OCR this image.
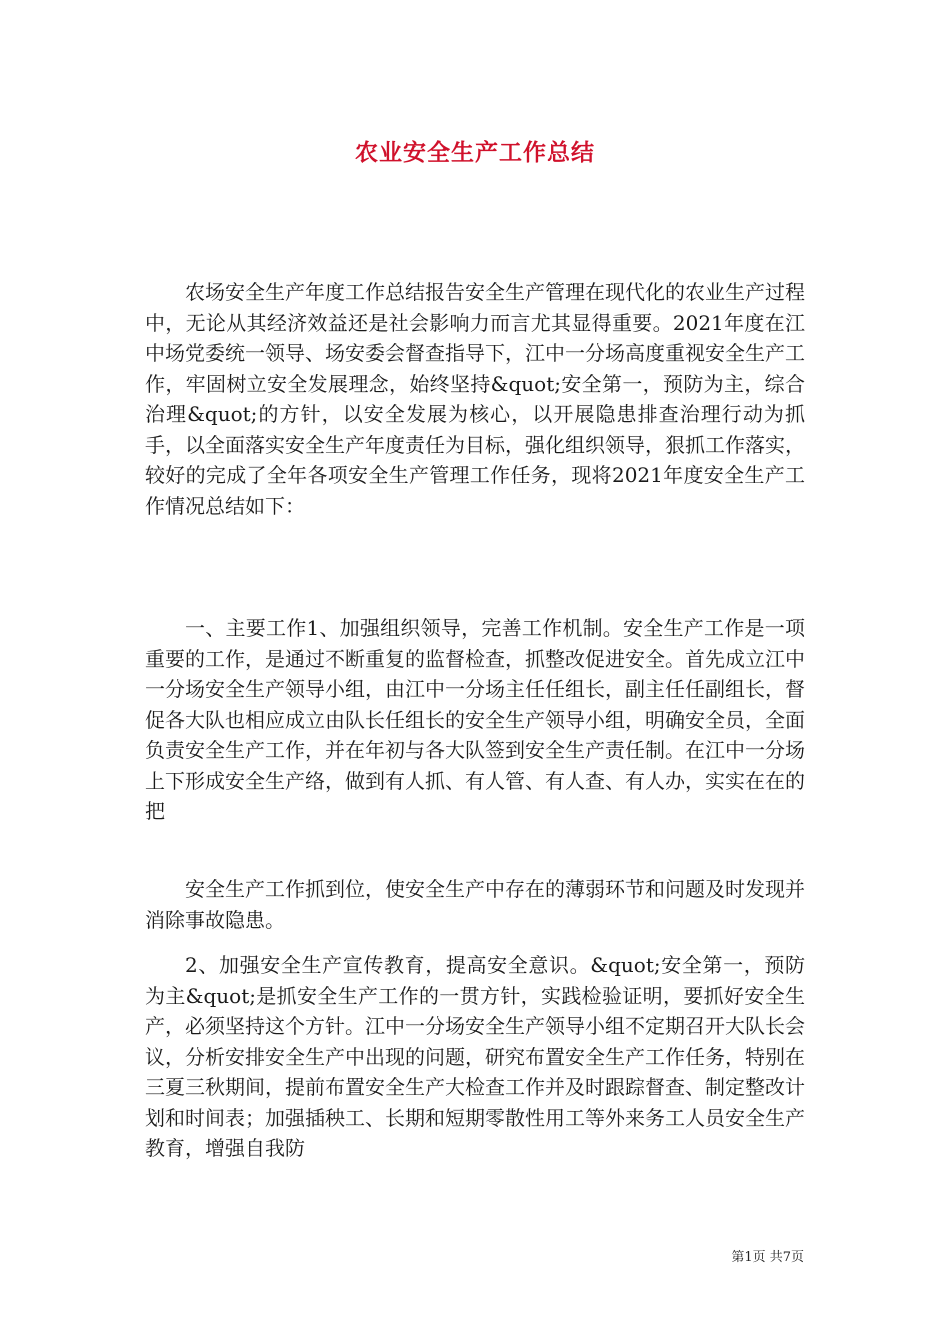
农业安全生产工作总结

农场安全生产年度工作总结报告安全生产管理在现代化的农业生产过程中，无论从其经济效益还是社会影响力而言尤其显得重要。2021年度在江中场党委统一领导、场安委会督查指导下，江中一分场高度重视安全生产工作，牢固树立安全发展理念，始终坚持&quot;安全第一，预防为主，综合治理&quot;的方针，以安全发展为核心，以开展隐患排查治理行动为抓手，以全面落实安全生产年度责任为目标，强化组织领导，狠抓工作落实，较好的完成了全年各项安全生产管理工作任务，现将2021年度安全生产工作情况总结如下：

一、主要工作1、加强组织领导，完善工作机制。安全生产工作是一项重要的工作，是通过不断重复的监督检查，抓整改促进安全。首先成立江中一分场安全生产领导小组，由江中一分场主任任组长，副主任任副组长，督促各大队也相应成立由队长任组长的安全生产领导小组，明确安全员，全面负责安全生产工作，并在年初与各大队签到安全生产责任制。在江中一分场上下形成安全生产络，做到有人抓、有人管、有人查、有人办，实实在在的把

安全生产工作抓到位，使安全生产中存在的薄弱环节和问题及时发现并消除事故隐患。

2、加强安全生产宣传教育，提高安全意识。&quot;安全第一，预防为主&quot;是抓安全生产工作的一贯方针，实践检验证明，要抓好安全生产，必须坚持这个方针。江中一分场安全生产领导小组不定期召开大队长会议，分析安排安全生产中出现的问题，研究布置安全生产工作任务，特别在三夏三秋期间，提前布置安全生产大检查工作并及时跟踪督查、制定整改计划和时间表；加强插秧工、长期和短期零散性用工等外来务工人员安全生产教育，增强自我防

第1页 共7页
